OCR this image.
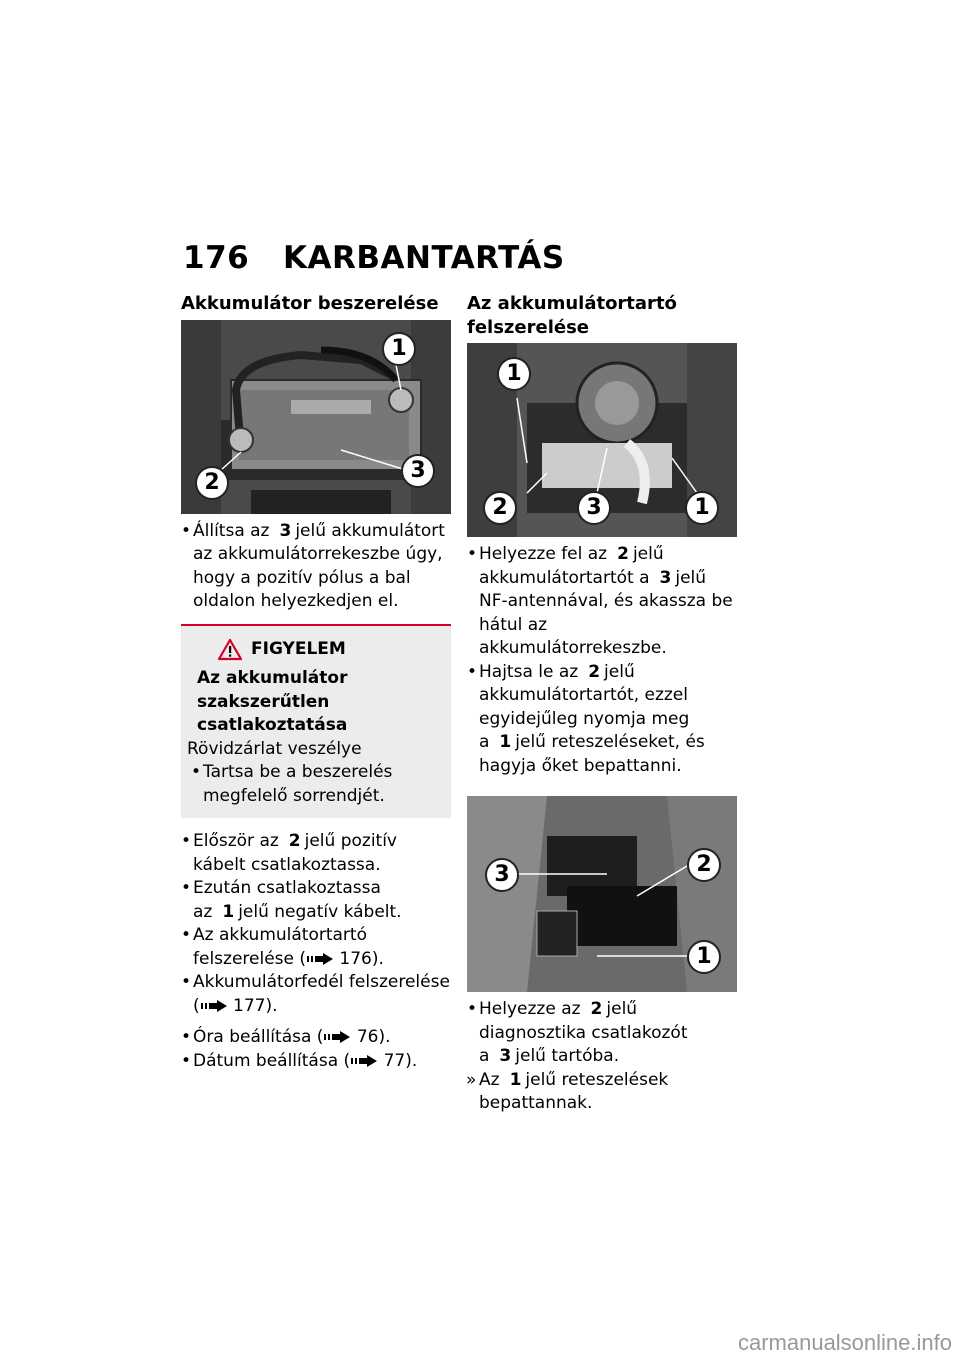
176 KARBANTARTÁS
Akkumulátor beszerelése
1
2	3
• Állítsa az 3 jelű akkumulátort az akkumulátorrekeszbe úgy, hogy a pozitív pólus a bal oldalon helyezkedjen el.
FIGYELEM
Az akkumulátor szakszerűtlen csatlakoztatása
Rövidzárlat veszélye
• Tartsa be a beszerelés megfelelő sorrendjét.
• Először az 2 jelű pozitív kábelt csatlakoztassa.
• Ezután csatlakoztassa az 1 jelű negatív kábelt.
• Az akkumulátortartó felszerelése ( 176).
• Akkumulátorfedél felszerelése ( 177).
• Óra beállítása ( 76).
• Dátum beállítása ( 77).
Az akkumulátortartó felszerelése
1
2	3	1
• Helyezze fel az 2 jelű akkumulátortartót a 3 jelű NF-antennával, és akassza be hátul az akkumulátorrekeszbe.
• Hajtsa le az 2 jelű akkumulátortartót, ezzel egyidejűleg nyomja meg a 1 jelű reteszeléseket, és hagyja őket bepattanni.
3	2
1
• Helyezze az 2 jelű diagnosztika csatlakozót a 3 jelű tartóba.
» Az 1 jelű reteszelések bepattannak.
carmanualsonline.info
